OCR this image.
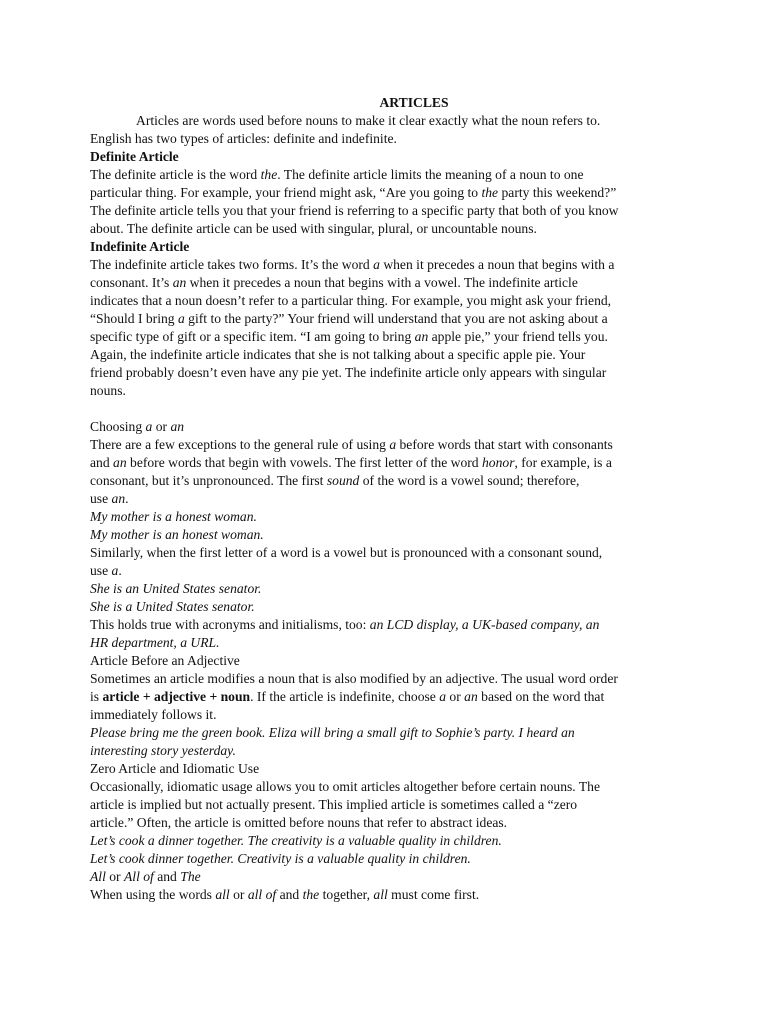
ARTICLES
Articles are words used before nouns to make it clear exactly what the noun refers to.
English has two types of articles: definite and indefinite.
Definite Article
The definite article is the word the. The definite article limits the meaning of a noun to one
particular thing. For example, your friend might ask, “Are you going to the party this weekend?”
The definite article tells you that your friend is referring to a specific party that both of you know
about. The definite article can be used with singular, plural, or uncountable nouns.
Indefinite Article
The indefinite article takes two forms. It’s the word a when it precedes a noun that begins with a
consonant. It’s an when it precedes a noun that begins with a vowel. The indefinite article
indicates that a noun doesn’t refer to a particular thing. For example, you might ask your friend,
“Should I bring a gift to the party?” Your friend will understand that you are not asking about a
specific type of gift or a specific item. “I am going to bring an apple pie,” your friend tells you.
Again, the indefinite article indicates that she is not talking about a specific apple pie. Your
friend probably doesn’t even have any pie yet. The indefinite article only appears with singular
nouns.
Choosing a or an
There are a few exceptions to the general rule of using a before words that start with consonants
and an before words that begin with vowels. The first letter of the word honor, for example, is a
consonant, but it’s unpronounced. The first sound of the word is a vowel sound; therefore,
use an.
My mother is a honest woman.
My mother is an honest woman.
Similarly, when the first letter of a word is a vowel but is pronounced with a consonant sound,
use a.
She is an United States senator.
She is a United States senator.
This holds true with acronyms and initialisms, too: an LCD display, a UK-based company, an
HR department, a URL.
Article Before an Adjective
Sometimes an article modifies a noun that is also modified by an adjective. The usual word order
is article + adjective + noun. If the article is indefinite, choose a or an based on the word that
immediately follows it.
Please bring me the green book. Eliza will bring a small gift to Sophie’s party. I heard an
interesting story yesterday.
Zero Article and Idiomatic Use
Occasionally, idiomatic usage allows you to omit articles altogether before certain nouns. The
article is implied but not actually present. This implied article is sometimes called a “zero
article.” Often, the article is omitted before nouns that refer to abstract ideas.
Let’s cook a dinner together. The creativity is a valuable quality in children.
Let’s cook dinner together. Creativity is a valuable quality in children.
All or All of and The
When using the words all or all of and the together, all must come first.
